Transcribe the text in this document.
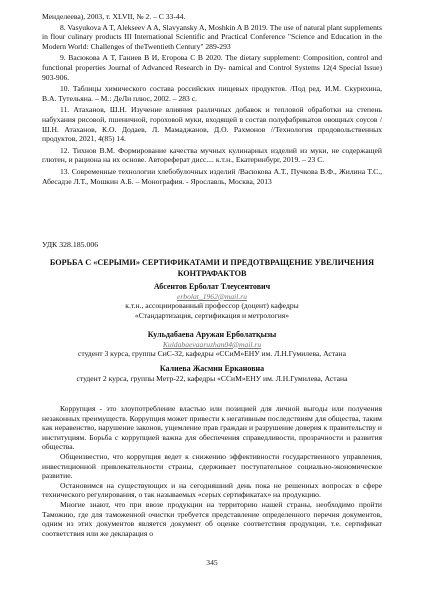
Менделеева), 2003, т. XLVII, № 2. – С 33-44.

8. Vasyukova A T, Alekseev A A, Slavyansky A, Moshkin A B 2019. The use of natural plant supplements in flour culinary products III International Scientific and Practical Conference "Science and Education in the Modern World: Challenges of theTwentieth Century" 289-293

9. Васюкова А Т, Ганиев В И, Егорова С В 2020. The dietary supplement: Composition, control and functional properties Journal of Advanced Research in Dy- namical and Control Systems 12(4 Special Issue) 903-906.

10. Таблицы химического состава российских пищевых продуктов. /Под ред. И.М. Скурихина, В.А. Тутельяна. – М.: ДеЛи плюс, 2002. – 283 с.

11. Атаханов, Ш.Н. Изучение влияния различных добавок и тепловой обработки на степень набухания рисовой, пшеничной, гороховой муки, входящей в состав полуфабрикатов овощных соусов / Ш.Н. Атаханов, К.О. Додаев, Л. Мамаджанов, Д.О. Рахмонов //Технология продовольственных продуктов, 2021, 4(85) 14.

12. Тихнов В.М. Формирование качества мучных кулинарных изделий из муки, не содержащей глютен, и рациона на их основе. Автореферат дисс.... к.т.н., Екатеринбург, 2019. – 23 С.

13. Современные технологии хлебобулочных изделий /Васюкова А.Т., Пучкова В.Ф., Жилина Т.С., Абесадзе Л.Т., Мошкин А.Б. – Монография. - Ярославль, Москва, 2013

УДК 328.185.006
БОРЬБА С «СЕРЫМИ» СЕРТИФИКАТАМИ И ПРЕДОТВРАЩЕНИЕ УВЕЛИЧЕНИЯ КОНТРАФАКТОВ
Абсентов Ерболат Тлеусентович
erbolat_1962@mail.ru
к.т.н., ассоциированный профессор (доцент) кафедры
«Стандартизация, сертификация и метрология»
Кульдабаева Аружан Ерболатқызы
Kuldabaevaaruzhan04@mail.ru
студент 3 курса, группы СиС-32, кафедры «ССиМ»ЕНУ им. Л.Н.Гумилева, Астана
Калиева Жасмин Еркановна
студент 2 курса, группы Метр-22, кафедры «ССиМ»ЕНУ им. Л.Н.Гумилева, Астана

Коррупция - это злоупотребление властью или позицией для личной выгоды или получения незаконных преимуществ. Коррупция может привести к негативным последствиям для общества, таким как неравенство, нарушение законов, ущемление прав граждан и разрушение доверия к правительству и институциям. Борьба с коррупцией важна для обеспечения справедливости, прозрачности и развития общества.

Общеизвестно, что коррупция ведет к снижению эффективности государственного управления, инвестиционной привлекательности страны, сдерживает поступательное социально-экономическое развитие.

Остановимся на существующих и на сегодняшний день пока не решенных вопросах в сфере технического регулирования, о так называемых «серых сертификатах» на продукцию.

Многие знают, что при ввозе продукции на территорию нашей страны, необходимо пройти Таможню, где для таможенной очистки требуется представление определенного перечня документов, одним из этих документов является документ об оценке соответствия продукции, т.е. сертификат соответствия или же декларация о

345
